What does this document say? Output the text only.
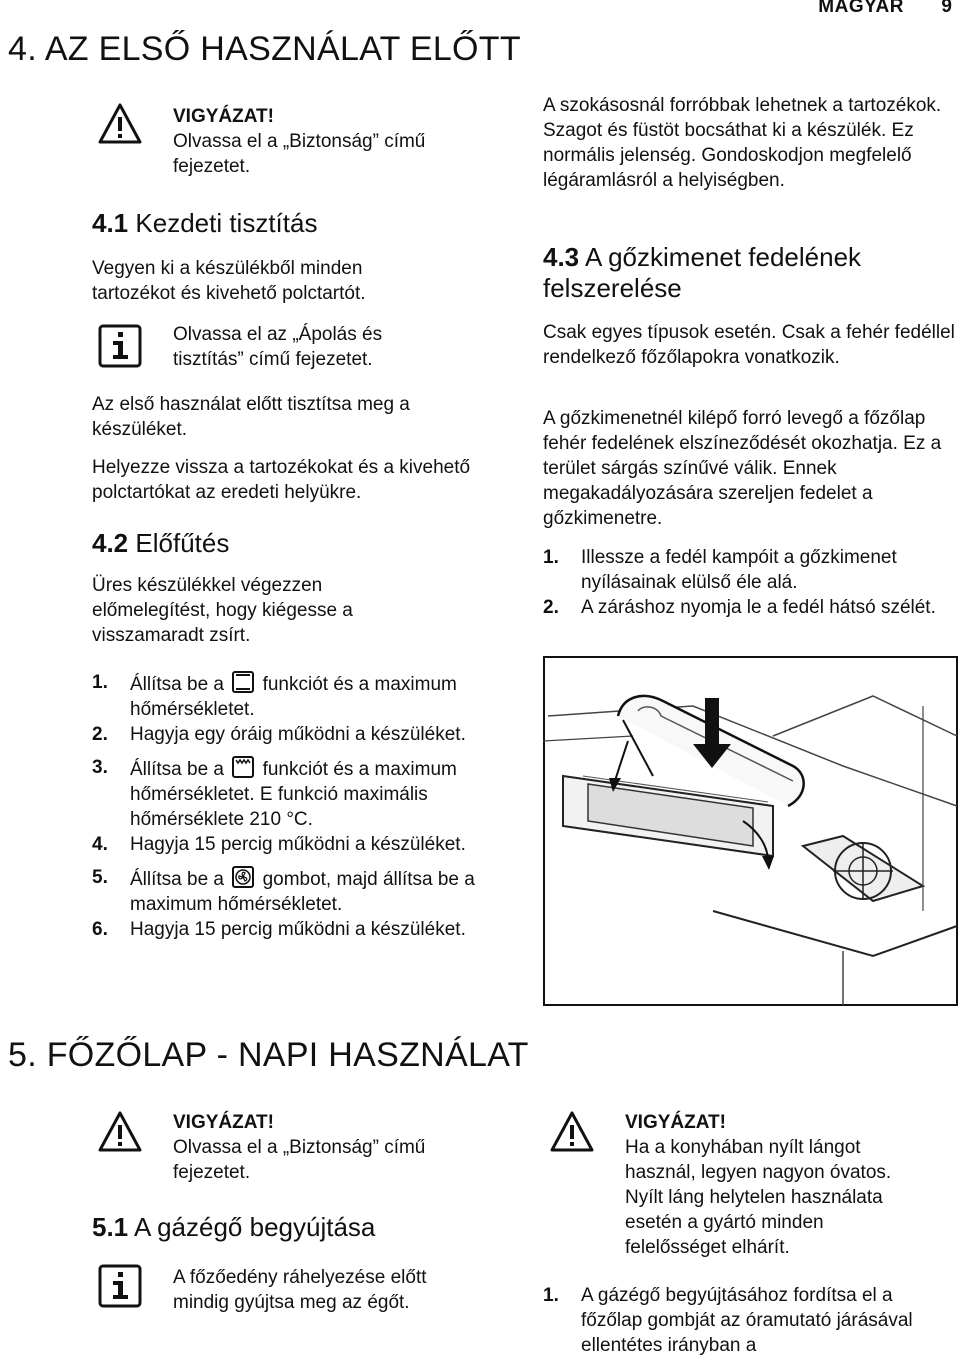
MAGYAR 9
4. AZ ELSŐ HASZNÁLAT ELŐTT
VIGYÁZAT!
Olvassa el a „Biztonság” című fejezetet.
4.1 Kezdeti tisztítás

Vegyen ki a készülékből minden tartozékot és kivehető polctartót.

Olvassa el az „Ápolás és tisztítás” című fejezetet.

Az első használat előtt tisztítsa meg a készüléket.

Helyezze vissza a tartozékokat és a kivehető polctartókat az eredeti helyükre.

4.2 Előfűtés

Üres készülékkel végezzen előmelegítést, hogy kiégesse a visszamaradt zsírt.

1. Állítsa be a funkciót és a maximum hőmérsékletet.
2. Hagyja egy óráig működni a készüléket.
3. Állítsa be a funkciót és a maximum hőmérsékletet. E funkció maximális hőmérséklete 210 °C.
4. Hagyja 15 percig működni a készüléket.
5. Állítsa be a gombot, majd állítsa be a maximum hőmérsékletet.
6. Hagyja 15 percig működni a készüléket.

A szokásosnál forróbbak lehetnek a tartozékok. Szagot és füstöt bocsáthat ki a készülék. Ez normális jelenség. Gondoskodjon megfelelő légáramlásról a helyiségben.

4.3 A gőzkimenet fedelének felszerelése

Csak egyes típusok esetén. Csak a fehér fedéllel rendelkező főzőlapokra vonatkozik.

A gőzkimenetnél kilépő forró levegő a főzőlap fehér fedelének elszíneződését okozhatja. Ez a terület sárgás színűvé válik. Ennek megakadályozására szereljen fedelet a gőzkimenetre.

1. Illessze a fedél kampóit a gőzkimenet nyílásainak elülső éle alá.
2. A záráshoz nyomja le a fedél hátsó szélét.
5. FŐZŐLAP - NAPI HASZNÁLAT
VIGYÁZAT!
Olvassa el a „Biztonság” című fejezetet.
5.1 A gázégő begyújtása

A főzőedény ráhelyezése előtt mindig gyújtsa meg az égőt.

VIGYÁZAT!
Ha a konyhában nyílt lángot használ, legyen nagyon óvatos. Nyílt láng helytelen használata esetén a gyártó minden felelősséget elhárít.
1. A gázégő begyújtásához fordítsa el a főzőlap gombját az óramutató járásával ellentétes irányban a
